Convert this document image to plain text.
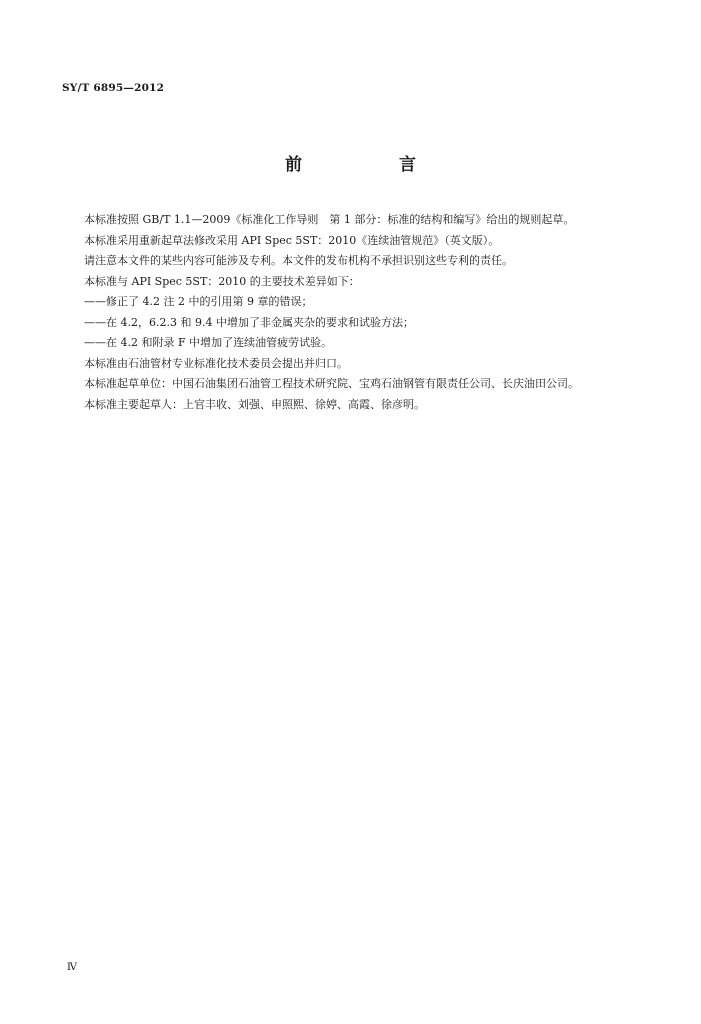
SY/T 6895—2012
前　言

本标准按照 GB/T 1.1—2009《标准化工作导则　第 1 部分：标准的结构和编写》给出的规则起草。

本标准采用重新起草法修改采用 API Spec 5ST：2010《连续油管规范》（英文版）。

请注意本文件的某些内容可能涉及专利。本文件的发布机构不承担识别这些专利的责任。

本标准与 API Spec 5ST：2010 的主要技术差异如下：

——修正了 4.2 注 2 中的引用第 9 章的错误；

——在 4.2，6.2.3 和 9.4 中增加了非金属夹杂的要求和试验方法；

——在 4.2 和附录 F 中增加了连续油管疲劳试验。

本标准由石油管材专业标准化技术委员会提出并归口。

本标准起草单位：中国石油集团石油管工程技术研究院、宝鸡石油钢管有限责任公司、长庆油田公司。

本标准主要起草人：上官丰收、刘强、申照熙、徐婷、高霞、徐彦明。

Ⅳ
